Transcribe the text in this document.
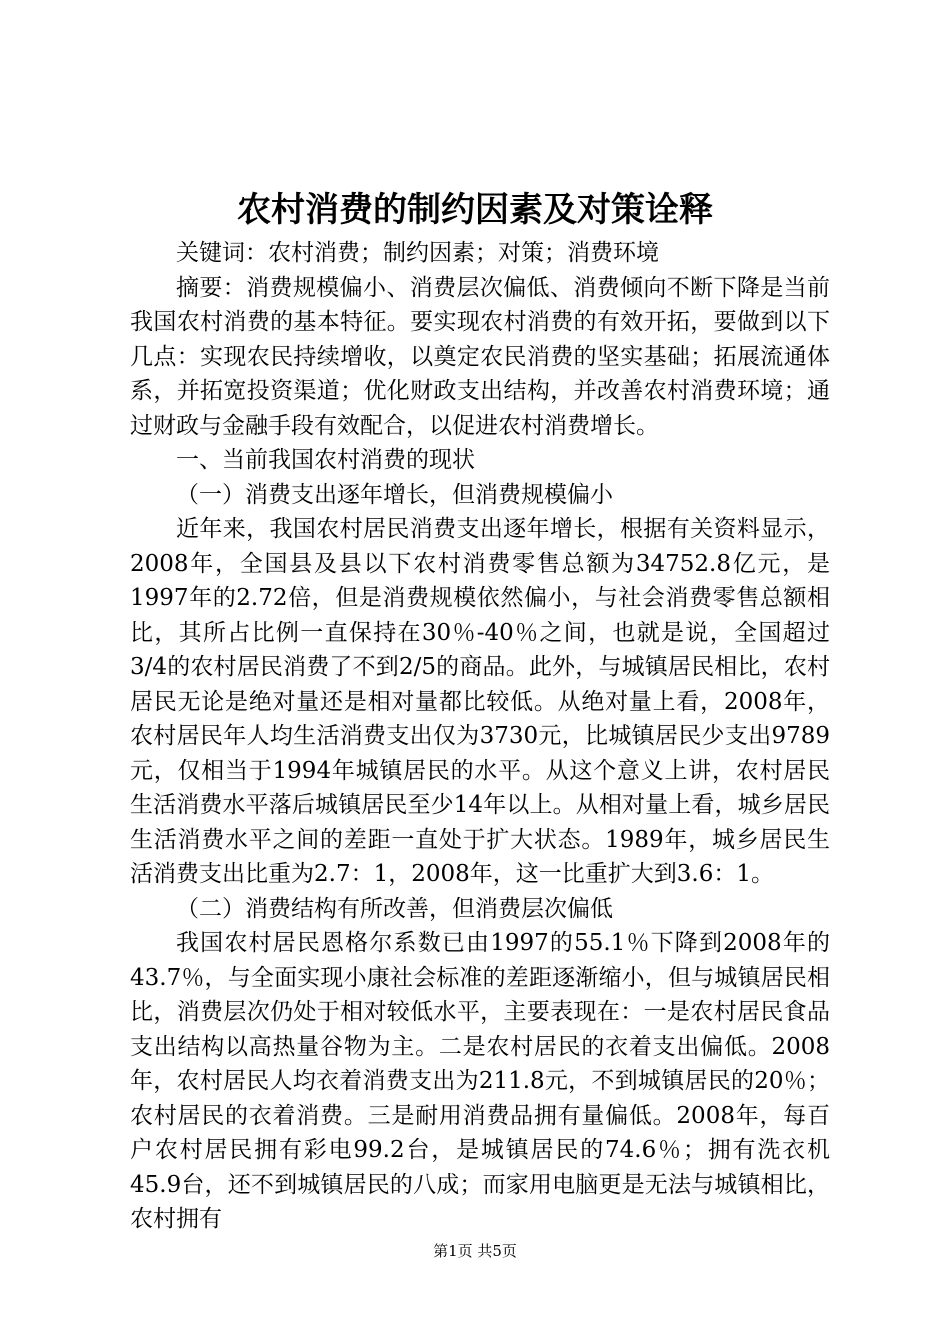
农村消费的制约因素及对策诠释

关键词：农村消费；制约因素；对策；消费环境

摘要：消费规模偏小、消费层次偏低、消费倾向不断下降是当前我国农村消费的基本特征。要实现农村消费的有效开拓，要做到以下几点：实现农民持续增收，以奠定农民消费的坚实基础；拓展流通体系，并拓宽投资渠道；优化财政支出结构，并改善农村消费环境；通过财政与金融手段有效配合，以促进农村消费增长。

一、当前我国农村消费的现状

（一）消费支出逐年增长，但消费规模偏小

近年来，我国农村居民消费支出逐年增长，根据有关资料显示，2008年，全国县及县以下农村消费零售总额为34752.8亿元，是1997年的2.72倍，但是消费规模依然偏小，与社会消费零售总额相比，其所占比例一直保持在30％-40％之间，也就是说，全国超过3/4的农村居民消费了不到2/5的商品。此外，与城镇居民相比，农村居民无论是绝对量还是相对量都比较低。从绝对量上看，2008年，农村居民年人均生活消费支出仅为3730元，比城镇居民少支出9789元，仅相当于1994年城镇居民的水平。从这个意义上讲，农村居民生活消费水平落后城镇居民至少14年以上。从相对量上看，城乡居民生活消费水平之间的差距一直处于扩大状态。1989年，城乡居民生活消费支出比重为2.7：1，2008年，这一比重扩大到3.6：1。

（二）消费结构有所改善，但消费层次偏低

我国农村居民恩格尔系数已由1997的55.1％下降到2008年的43.7％，与全面实现小康社会标准的差距逐渐缩小，但与城镇居民相比，消费层次仍处于相对较低水平，主要表现在：一是农村居民食品支出结构以高热量谷物为主。二是农村居民的衣着支出偏低。2008年，农村居民人均衣着消费支出为211.8元，不到城镇居民的20％；农村居民的衣着消费。三是耐用消费品拥有量偏低。2008年，每百户农村居民拥有彩电99.2台，是城镇居民的74.6％；拥有洗衣机45.9台，还不到城镇居民的八成；而家用电脑更是无法与城镇相比，农村拥有

第1页 共5页
